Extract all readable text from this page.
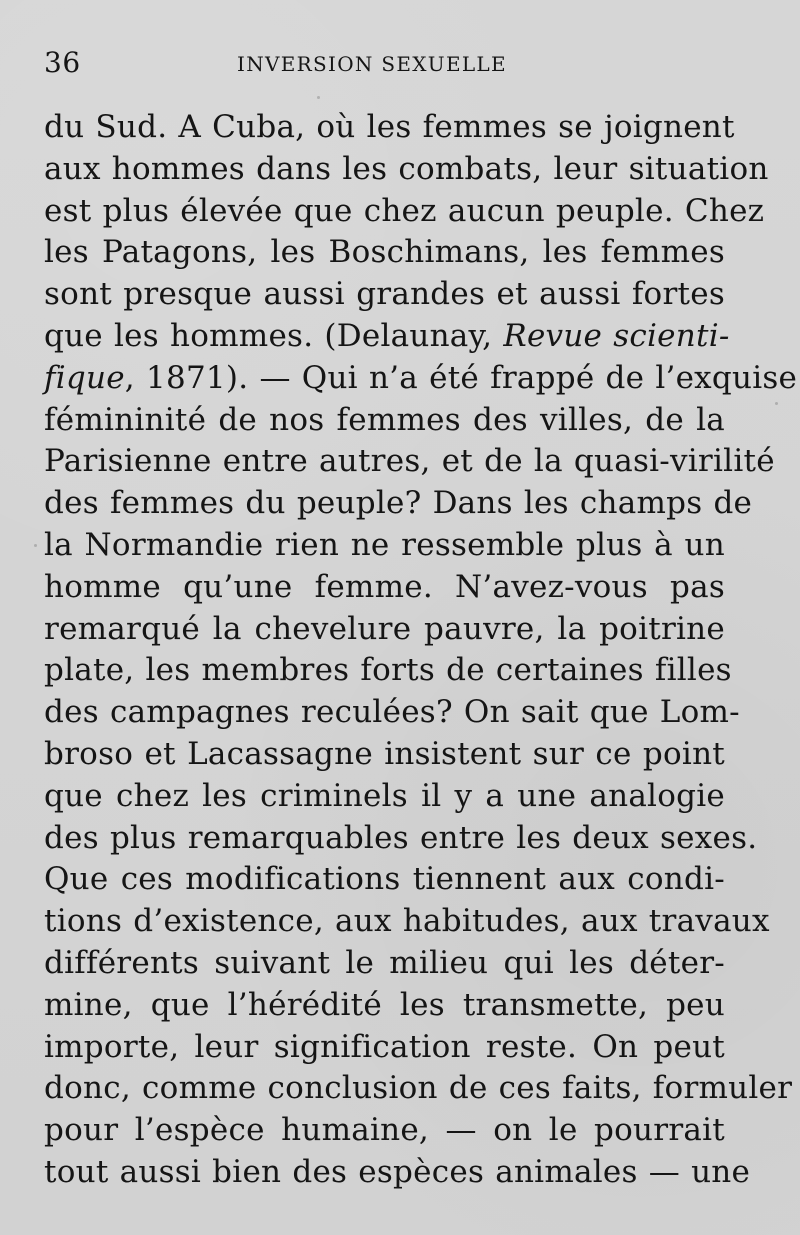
36	INVERSION SEXUELLE
du Sud. A Cuba, où les femmes se joignent
aux hommes dans les combats, leur situation
est plus élevée que chez aucun peuple. Chez
les Patagons, les Boschimans, les femmes
sont presque aussi grandes et aussi fortes
que les hommes. (Delaunay, Revue scienti-
fique, 1871). — Qui n’a été frappé de l’exquise
fémininité de nos femmes des villes, de la
Parisienne entre autres, et de la quasi-virilité
des femmes du peuple? Dans les champs de
la Normandie rien ne ressemble plus à un
homme qu’une femme. N’avez-vous pas
remarqué la chevelure pauvre, la poitrine
plate, les membres forts de certaines filles
des campagnes reculées? On sait que Lom-
broso et Lacassagne insistent sur ce point
que chez les criminels il y a une analogie
des plus remarquables entre les deux sexes.
Que ces modifications tiennent aux condi-
tions d’existence, aux habitudes, aux travaux
différents suivant le milieu qui les déter-
mine, que l’hérédité les transmette, peu
importe, leur signification reste. On peut
donc, comme conclusion de ces faits, formuler
pour l’espèce humaine, — on le pourrait
tout aussi bien des espèces animales — une
